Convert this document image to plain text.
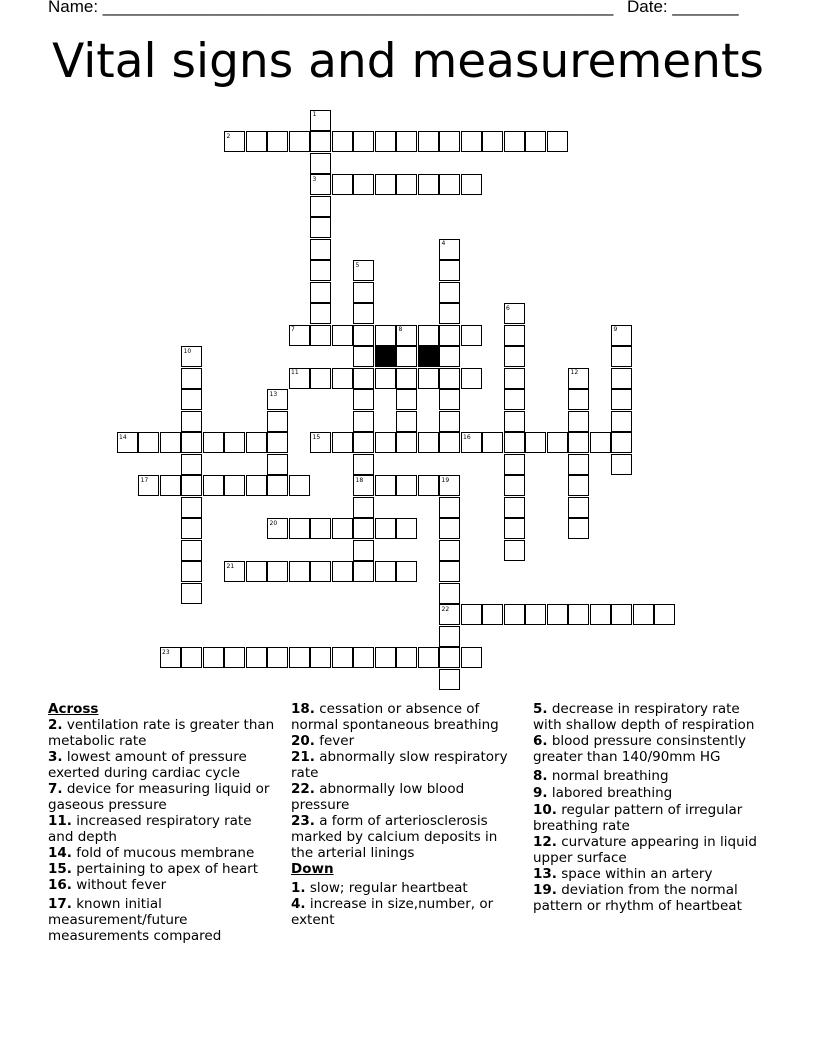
Name: ______________________________________________________ Date: _______
Vital signs and measurements
1
2
3
4
5
6
7	8	9
10
11	12
13
14	15	16
17	18	19
20
21
22
23
Across
2. ventilation rate is greater than metabolic rate
3. lowest amount of pressure exerted during cardiac cycle
7. device for measuring liquid or gaseous pressure
11. increased respiratory rate and depth
14. fold of mucous membrane
15. pertaining to apex of heart
16. without fever
17. known initial measurement/future measurements compared
18. cessation or absence of normal spontaneous breathing
20. fever
21. abnormally slow respiratory rate
22. abnormally low blood pressure
23. a form of arteriosclerosis marked by calcium deposits in the arterial linings
Down
1. slow; regular heartbeat
4. increase in size,number, or extent
5. decrease in respiratory rate with shallow depth of respiration
6. blood pressure consinstently greater than 140/90mm HG
8. normal breathing
9. labored breathing
10. regular pattern of irregular breathing rate
12. curvature appearing in liquid upper surface
13. space within an artery
19. deviation from the normal pattern or rhythm of heartbeat
